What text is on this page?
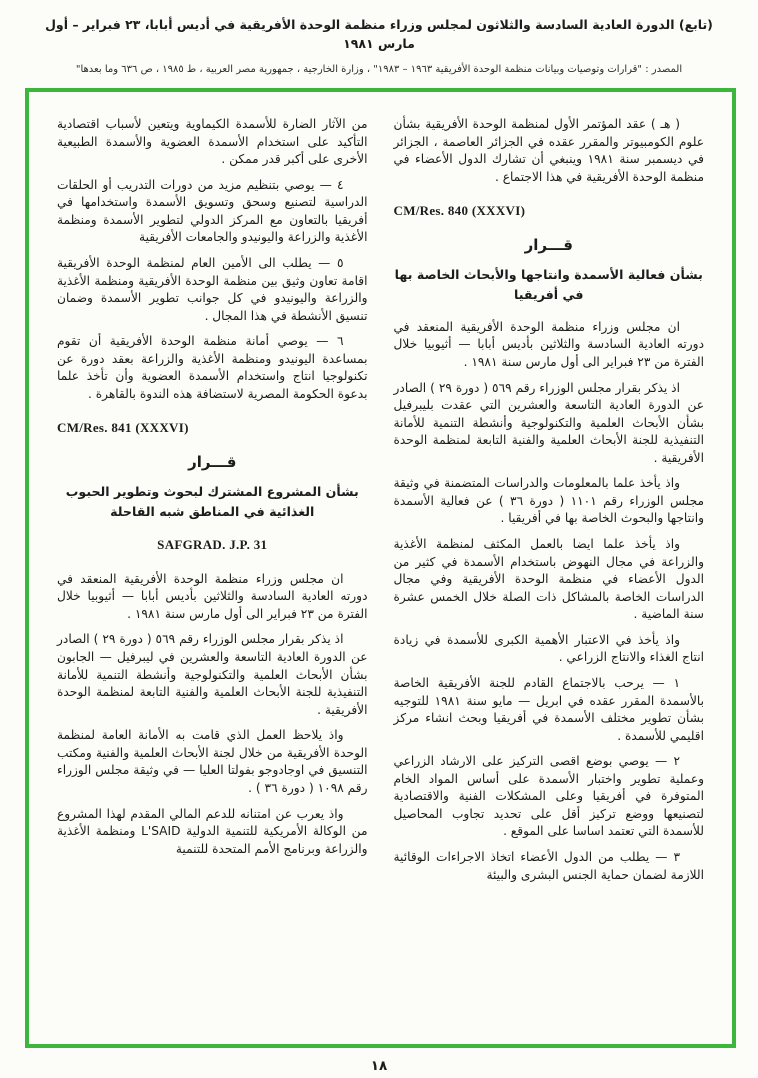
(تابع) الدورة العادية السادسة والثلاثون لمجلس وزراء منظمة الوحدة الأفريقية في أديس أبابا، ٢٣ فبراير – أول مارس ١٩٨١
المصدر : "قرارات وتوصيات وبيانات منظمة الوحدة الأفريقية ١٩٦٣ – ١٩٨٣" ، وزارة الخارجية ، جمهورية مصر العربية ، ط ١٩٨٥ ، ص ٦٣٦ وما بعدها"
( هـ ) عقد المؤتمر الأول لمنظمة الوحدة الأفريقية بشأن علوم الكومبيوتر والمقرر عقده في الجزائر العاصمة ، الجزائر في ديسمبر سنة ١٩٨١ وينبغي أن تشارك الدول الأعضاء في منظمة الوحدة الأفريقية في هذا الاجتماع .
CM/Res. 840 (XXXVI)
قـــرار
بشأن فعالية الأسمدة وانتاجها والأبحاث الخاصة بها في أفريقيا
ان مجلس وزراء منظمة الوحدة الأفريقية المنعقد في دورته العادية السادسة والثلاثين بأديس أبابا — أثيوبيا خلال الفترة من ٢٣ فبراير الى أول مارس سنة ١٩٨١ .
اذ يذكر بقرار مجلس الوزراء رقم ٥٦٩ ( دورة ٢٩ ) الصادر عن الدورة العادية التاسعة والعشرين التي عقدت بليبرفيل بشأن الأبحاث العلمية والتكنولوجية وأنشطة التنمية للأمانة التنفيذية للجنة الأبحاث العلمية والفنية التابعة لمنظمة الوحدة الأفريقية .
واذ يأخذ علما بالمعلومات والدراسات المتضمنة في وثيقة مجلس الوزراء رقم ١١٠١ ( دورة ٣٦ ) عن فعالية الأسمدة وانتاجها والبحوث الخاصة بها في أفريقيا .
واذ يأخذ علما ايضا بالعمل المكثف لمنظمة الأغذية والزراعة في مجال النهوض باستخدام الأسمدة في كثير من الدول الأعضاء في منظمة الوحدة الأفريقية وفي مجال الدراسات الخاصة بالمشاكل ذات الصلة خلال الخمس عشرة سنة الماضية .
واذ يأخذ في الاعتبار الأهمية الكبرى للأسمدة في زيادة انتاج الغذاء والانتاج الزراعي .
١ — يرحب بالاجتماع القادم للجنة الأفريقية الخاصة بالأسمدة المقرر عقده في ابريل — مايو سنة ١٩٨١ للتوجيه بشأن تطوير مختلف الأسمدة في أفريقيا وبحث انشاء مركز اقليمي للأسمدة .
٢ — يوصي بوضع اقصى التركيز على الارشاد الزراعي وعملية تطوير واختبار الأسمدة على أساس المواد الخام المتوفرة في أفريقيا وعلى المشكلات الفنية والاقتصادية لتصنيعها ووضع تركيز أقل على تحديد تجاوب المحاصيل للأسمدة التي تعتمد اساسا على الموقع .
٣ — يطلب من الدول الأعضاء اتخاذ الاجراءات الوقائية اللازمة لضمان حماية الجنس البشرى والبيئة
من الآثار الضارة للأسمدة الكيماوية ويتعين لأسباب اقتصادية التأكيد على استخدام الأسمدة العضوية والأسمدة الطبيعية الأخرى على أكبر قدر ممكن .
٤ — يوصي بتنظيم مزيد من دورات التدريب أو الحلقات الدراسية لتصنيع وسحق وتسويق الأسمدة واستخدامها في أفريقيا بالتعاون مع المركز الدولي لتطوير الأسمدة ومنظمة الأغذية والزراعة واليونيدو والجامعات الأفريقية
٥ — يطلب الى الأمين العام لمنظمة الوحدة الأفريقية اقامة تعاون وثيق بين منظمة الوحدة الأفريقية ومنظمة الأغذية والزراعة واليونيدو في كل جوانب تطوير الأسمدة وضمان تنسيق الأنشطة في هذا المجال .
٦ — يوصي أمانة منظمة الوحدة الأفريقية أن تقوم بمساعدة اليونيدو ومنظمة الأغذية والزراعة بعقد دورة عن تكنولوجيا انتاج واستخدام الأسمدة العضوية وأن تأخذ علما بدعوة الحكومة المصرية لاستضافة هذه الندوة بالقاهرة .
CM/Res. 841 (XXXVI)
قـــرار
بشأن المشروع المشترك لبحوث وتطوير الحبوب الغذائية في المناطق شبه القاحلة
SAFGRAD. J.P. 31
ان مجلس وزراء منظمة الوحدة الأفريقية المنعقد في دورته العادية السادسة والثلاثين بأديس أبابا — أثيوبيا خلال الفترة من ٢٣ فبراير الى أول مارس سنة ١٩٨١ .
اذ يذكر بقرار مجلس الوزراء رقم ٥٦٩ ( دورة ٢٩ ) الصادر عن الدورة العادية التاسعة والعشرين في ليبرفيل — الجابون بشأن الأبحاث العلمية والتكنولوجية وأنشطة التنمية للأمانة التنفيذية للجنة الأبحاث العلمية والفنية التابعة لمنظمة الوحدة الأفريقية .
واذ يلاحظ العمل الذي قامت به الأمانة العامة لمنظمة الوحدة الأفريقية من خلال لجنة الأبحاث العلمية والفنية ومكتب التنسيق في اوجادوجو بفولتا العليا — في وثيقة مجلس الوزراء رقم ١٠٩٨ ( دورة ٣٦ ) .
واذ يعرب عن امتنانه للدعم المالي المقدم لهذا المشروع من الوكالة الأمريكية للتنمية الدولية L'SAID ومنظمة الأغذية والزراعة وبرنامج الأمم المتحدة للتنمية
١٨
